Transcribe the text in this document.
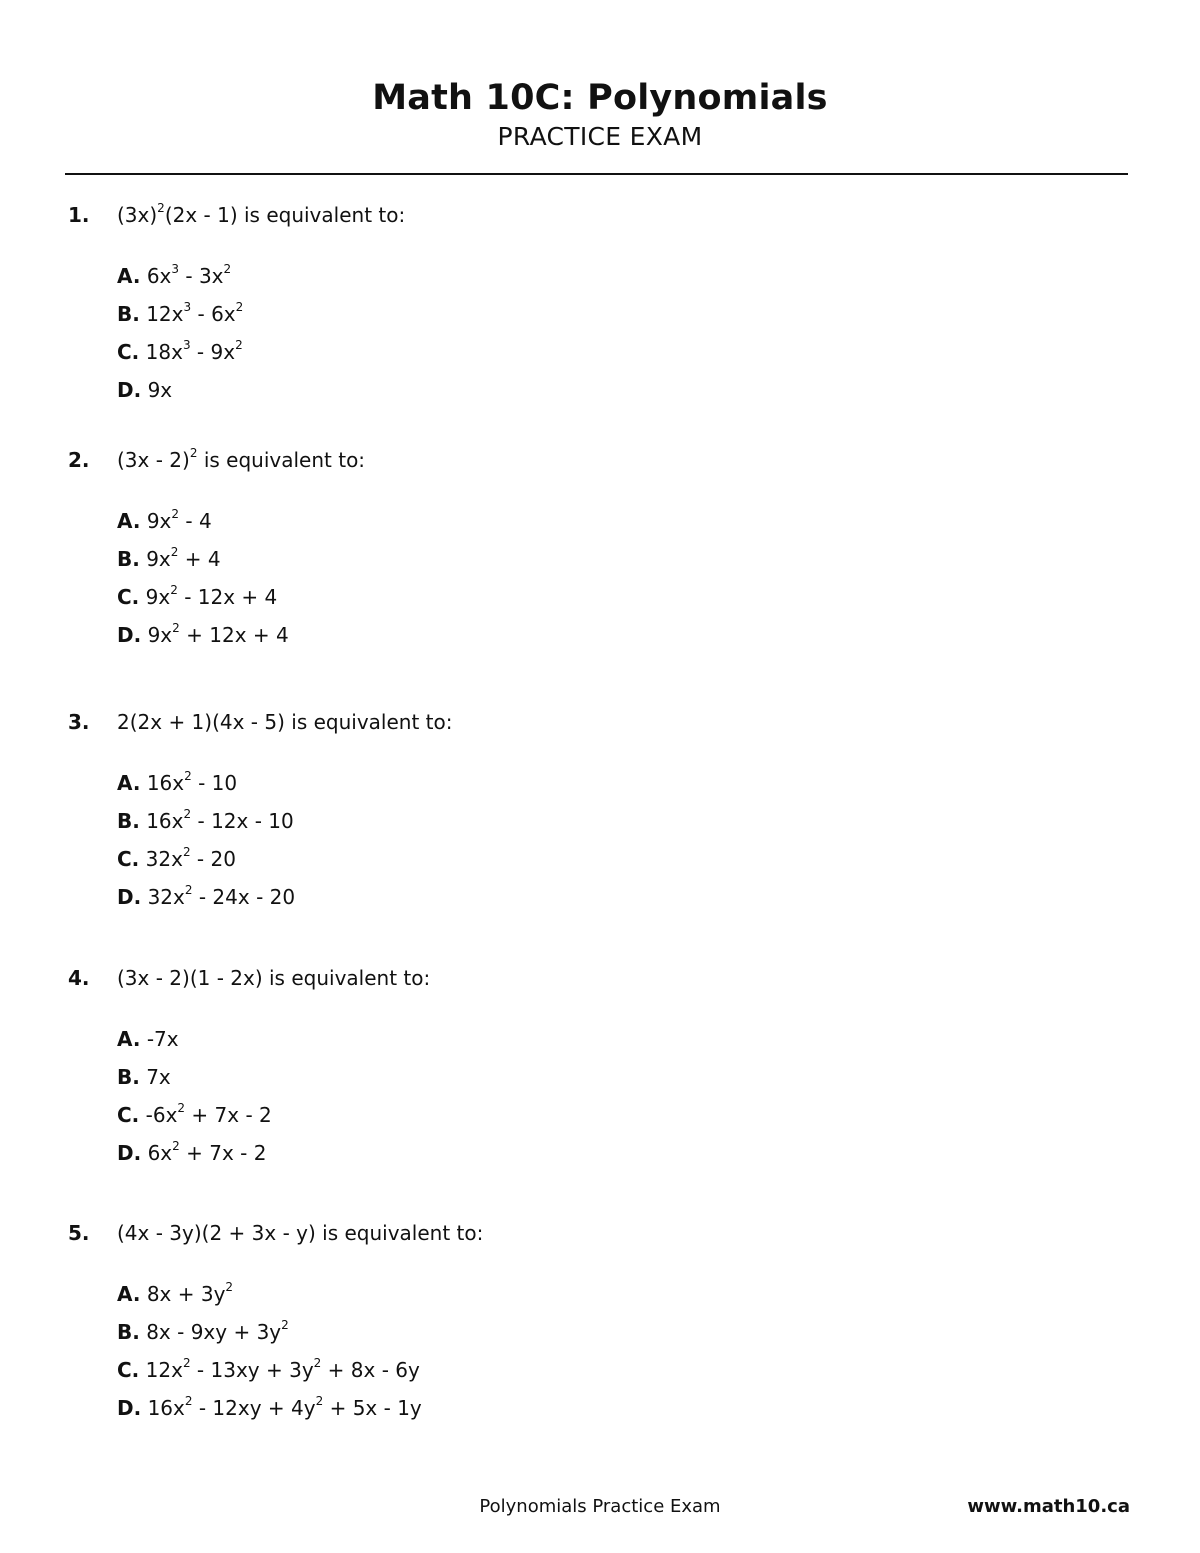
Math 10C: Polynomials
PRACTICE EXAM
1. $(3x)^2(2x - 1)$ is equivalent to:
A. $6x^3 - 3x^2$
B. $12x^3 - 6x^2$
C. $18x^3 - 9x^2$
D. 9x
2. (3x - 2)$^2$ is equivalent to:
A. $9x^2 - 4$
B. $9x^2 + 4$
C. $9x^2 - 12x + 4$
D. $9x^2 + 12x + 4$
3. 2(2x + 1)(4x - 5) is equivalent to:
A. $16x^2 - 10$
B. $16x^2 - 12x - 10$
C. $32x^2 - 20$
D. $32x^2 - 24x - 20$
4. (3x - 2)(1 - 2x) is equivalent to:
A. -7x
B. 7x
C. $-6x^2 + 7x - 2$
D. $6x^2 + 7x - 2$
5. (4x - 3y)(2 + 3x - y) is equivalent to:
A. $8x + 3y^2$
B. $8x - 9xy + 3y^2$
C. $12x^2 - 13xy + 3y^2 + 8x - 6y$
D. $16x^2 - 12xy + 4y^2 + 5x - 1y$
Polynomials Practice Exam	www.math10.ca
